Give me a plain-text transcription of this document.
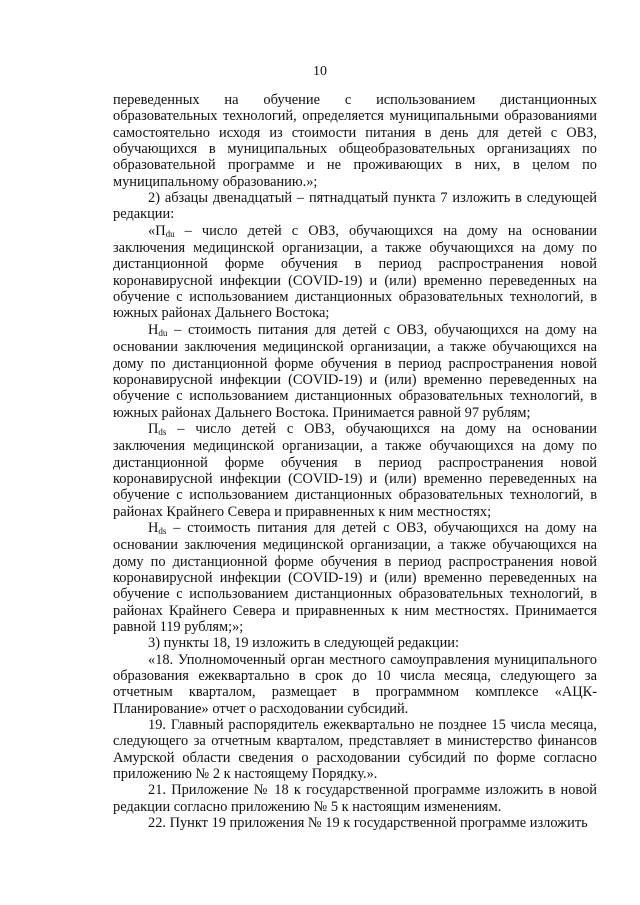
10

переведенных на обучение с использованием дистанционных образовательных технологий, определяется муниципальными образованиями самостоятельно исходя из стоимости питания в день для детей с ОВЗ, обучающихся в муниципальных общеобразовательных организациях по образовательной программе и не проживающих в них, в целом по муниципальному образованию.»;

2) абзацы двенадцатый – пятнадцатый пункта 7 изложить в следующей редакции:

«Пdu – число детей с ОВЗ, обучающихся на дому на основании заключения медицинской организации, а также обучающихся на дому по дистанционной форме обучения в период распространения новой коронавирусной инфекции (COVID-19) и (или) временно переведенных на обучение с использованием дистанционных образовательных технологий, в южных районах Дальнего Востока;

Нdu – стоимость питания для детей с ОВЗ, обучающихся на дому на основании заключения медицинской организации, а также обучающихся на дому по дистанционной форме обучения в период распространения новой коронавирусной инфекции (COVID-19) и (или) временно переведенных на обучение с использованием дистанционных образовательных технологий, в южных районах Дальнего Востока. Принимается равной 97 рублям;

Пds – число детей с ОВЗ, обучающихся на дому на основании заключения медицинской организации, а также обучающихся на дому по дистанционной форме обучения в период распространения новой коронавирусной инфекции (COVID-19) и (или) временно переведенных на обучение с использованием дистанционных образовательных технологий, в районах Крайнего Севера и приравненных к ним местностях;

Нds – стоимость питания для детей с ОВЗ, обучающихся на дому на основании заключения медицинской организации, а также обучающихся на дому по дистанционной форме обучения в период распространения новой коронавирусной инфекции (COVID-19) и (или) временно переведенных на обучение с использованием дистанционных образовательных технологий, в районах Крайнего Севера и приравненных к ним местностях. Принимается равной 119 рублям;»;

3) пункты 18, 19 изложить в следующей редакции:

«18. Уполномоченный орган местного самоуправления муниципального образования ежеквартально в срок до 10 числа месяца, следующего за отчетным кварталом, размещает в программном комплексе «АЦК-Планирование» отчет о расходовании субсидий.

19. Главный распорядитель ежеквартально не позднее 15 числа месяца, следующего за отчетным кварталом, представляет в министерство финансов Амурской области сведения о расходовании субсидий по форме согласно приложению № 2 к настоящему Порядку.».

21. Приложение № 18 к государственной программе изложить в новой редакции согласно приложению № 5 к настоящим изменениям.

22. Пункт 19 приложения № 19 к государственной программе изложить
